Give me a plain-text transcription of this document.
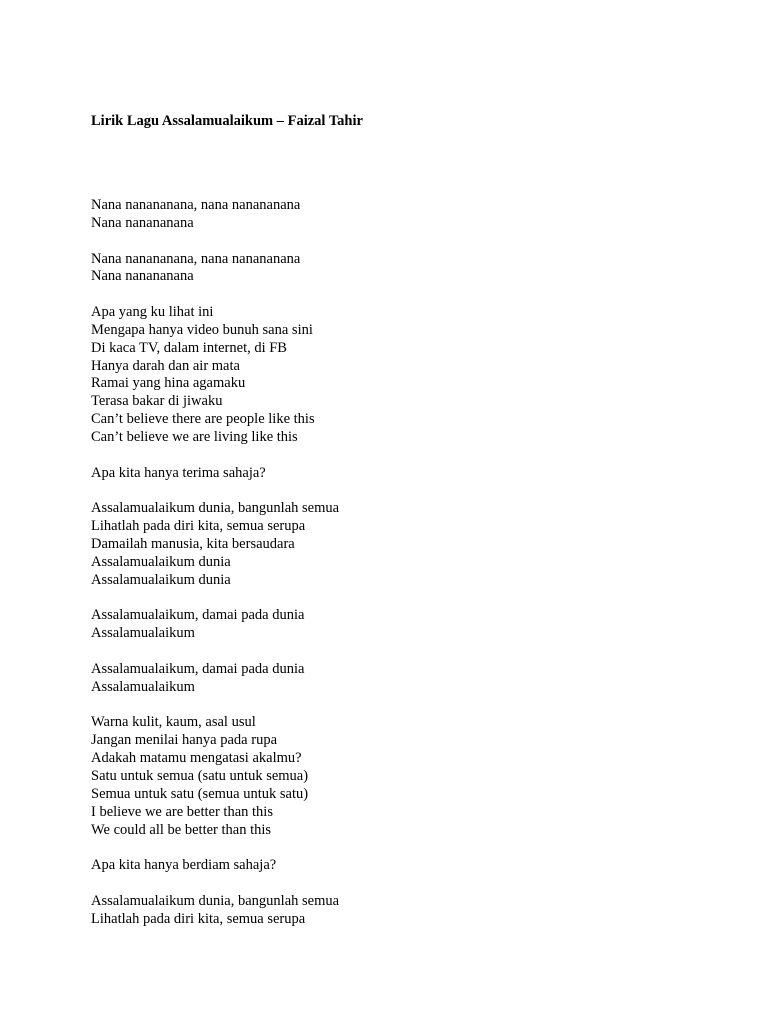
Lirik Lagu Assalamualaikum – Faizal Tahir
Nana nanananana, nana nanananana
Nana nanananana
Nana nanananana, nana nanananana
Nana nanananana
Apa yang ku lihat ini
Mengapa hanya video bunuh sana sini
Di kaca TV, dalam internet, di FB
Hanya darah dan air mata
Ramai yang hina agamaku
Terasa bakar di jiwaku
Can’t believe there are people like this
Can’t believe we are living like this
Apa kita hanya terima sahaja?
Assalamualaikum dunia, bangunlah semua
Lihatlah pada diri kita, semua serupa
Damailah manusia, kita bersaudara
Assalamualaikum dunia
Assalamualaikum dunia
Assalamualaikum, damai pada dunia
Assalamualaikum
Assalamualaikum, damai pada dunia
Assalamualaikum
Warna kulit, kaum, asal usul
Jangan menilai hanya pada rupa
Adakah matamu mengatasi akalmu?
Satu untuk semua (satu untuk semua)
Semua untuk satu (semua untuk satu)
I believe we are better than this
We could all be better than this
Apa kita hanya berdiam sahaja?
Assalamualaikum dunia, bangunlah semua
Lihatlah pada diri kita, semua serupa
